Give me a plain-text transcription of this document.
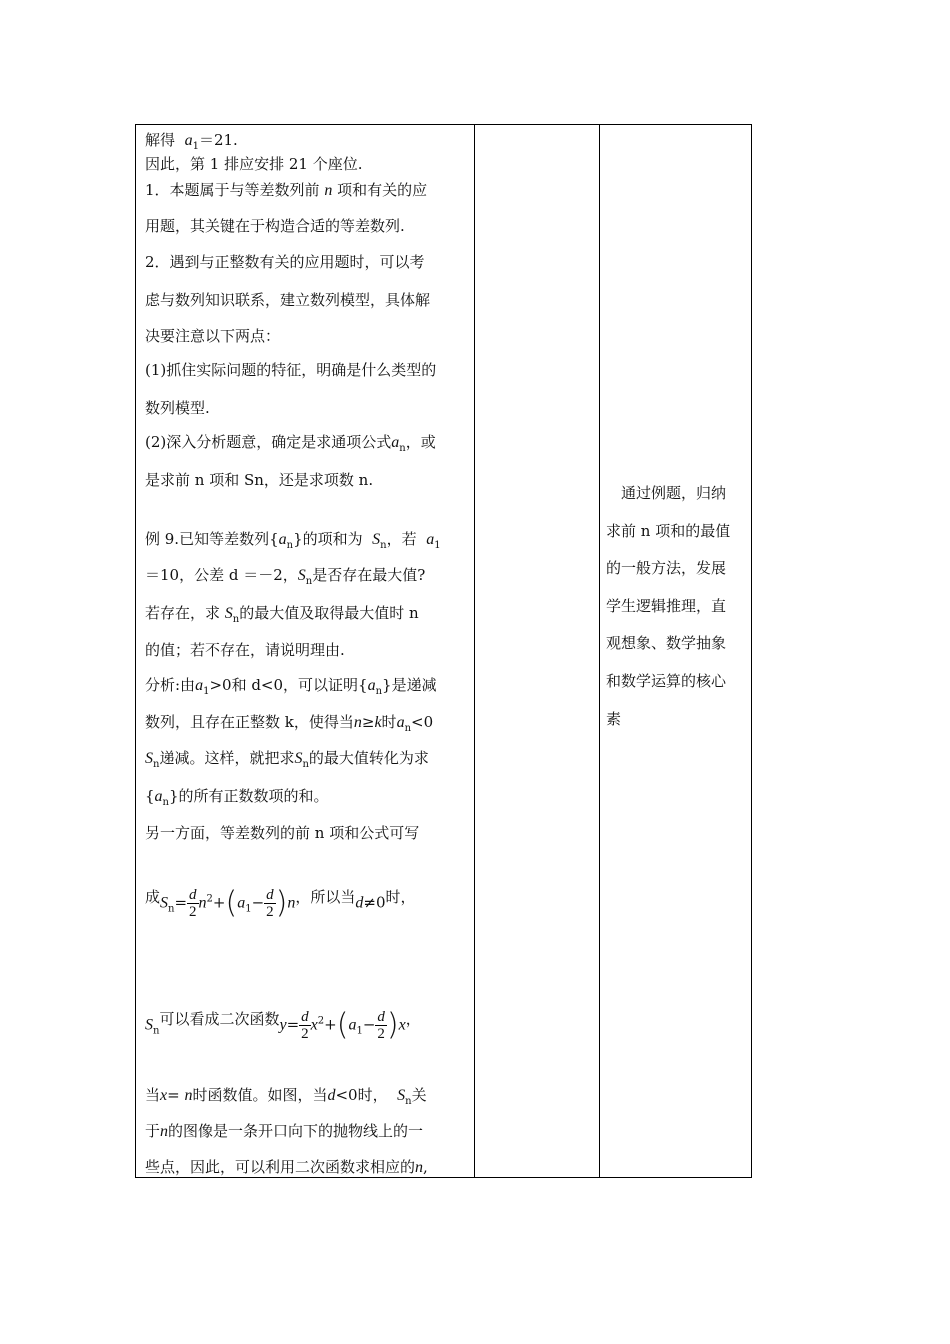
解得 $a_1=21$.
因此，第 1 排应安排 21 个座位.
1．本题属于与等差数列前 n 项和有关的应
用题，其关键在于构造合适的等差数列.
2．遇到与正整数有关的应用题时，可以考
虑与数列知识联系，建立数列模型，具体解
决要注意以下两点：
(1)抓住实际问题的特征，明确是什么类型的
数列模型.
(2)深入分析题意，确定是求通项公式$a_n$，或
是求前 n 项和 Sn，还是求项数 n.
例 9.已知等差数列$\{a_n\}$的项和为 $S_n$，若 $a_1$
＝10，公差 d ＝－2，$S_n$是否存在最大值?
若存在，求 $S_n$的最大值及取得最大值时 n
的值；若不存在，请说明理由.
分析:由$a_1>0$和 d<0，可以证明$\{a_n\}$是递减
数列，且存在正整数 k，使得当n≥k时$a_n<0$
$S_n$递减。这样，就把求$S_n$的最大值转化为求
$\{a_n\}$的所有正数数项的和。
另一方面，等差数列的前 n 项和公式可写
成$S_n= \frac{d}{2} n^2+(a_1- \frac{d}{2} )n$，所以当d≠0时，
$S_n$可以看成二次函数$y= \frac{d}{2} x^2+(a_1- \frac{d}{2} )x$，
当x= n时函数值。如图，当d<0时， $S_n$关
于n的图像是一条开口向下的抛物线上的一
些点，因此，可以利用二次函数求相应的n,
　通过例题，归纳
求前 n 项和的最值
的一般方法，发展
学生逻辑推理，直
观想象、数学抽象
和数学运算的核心
素
